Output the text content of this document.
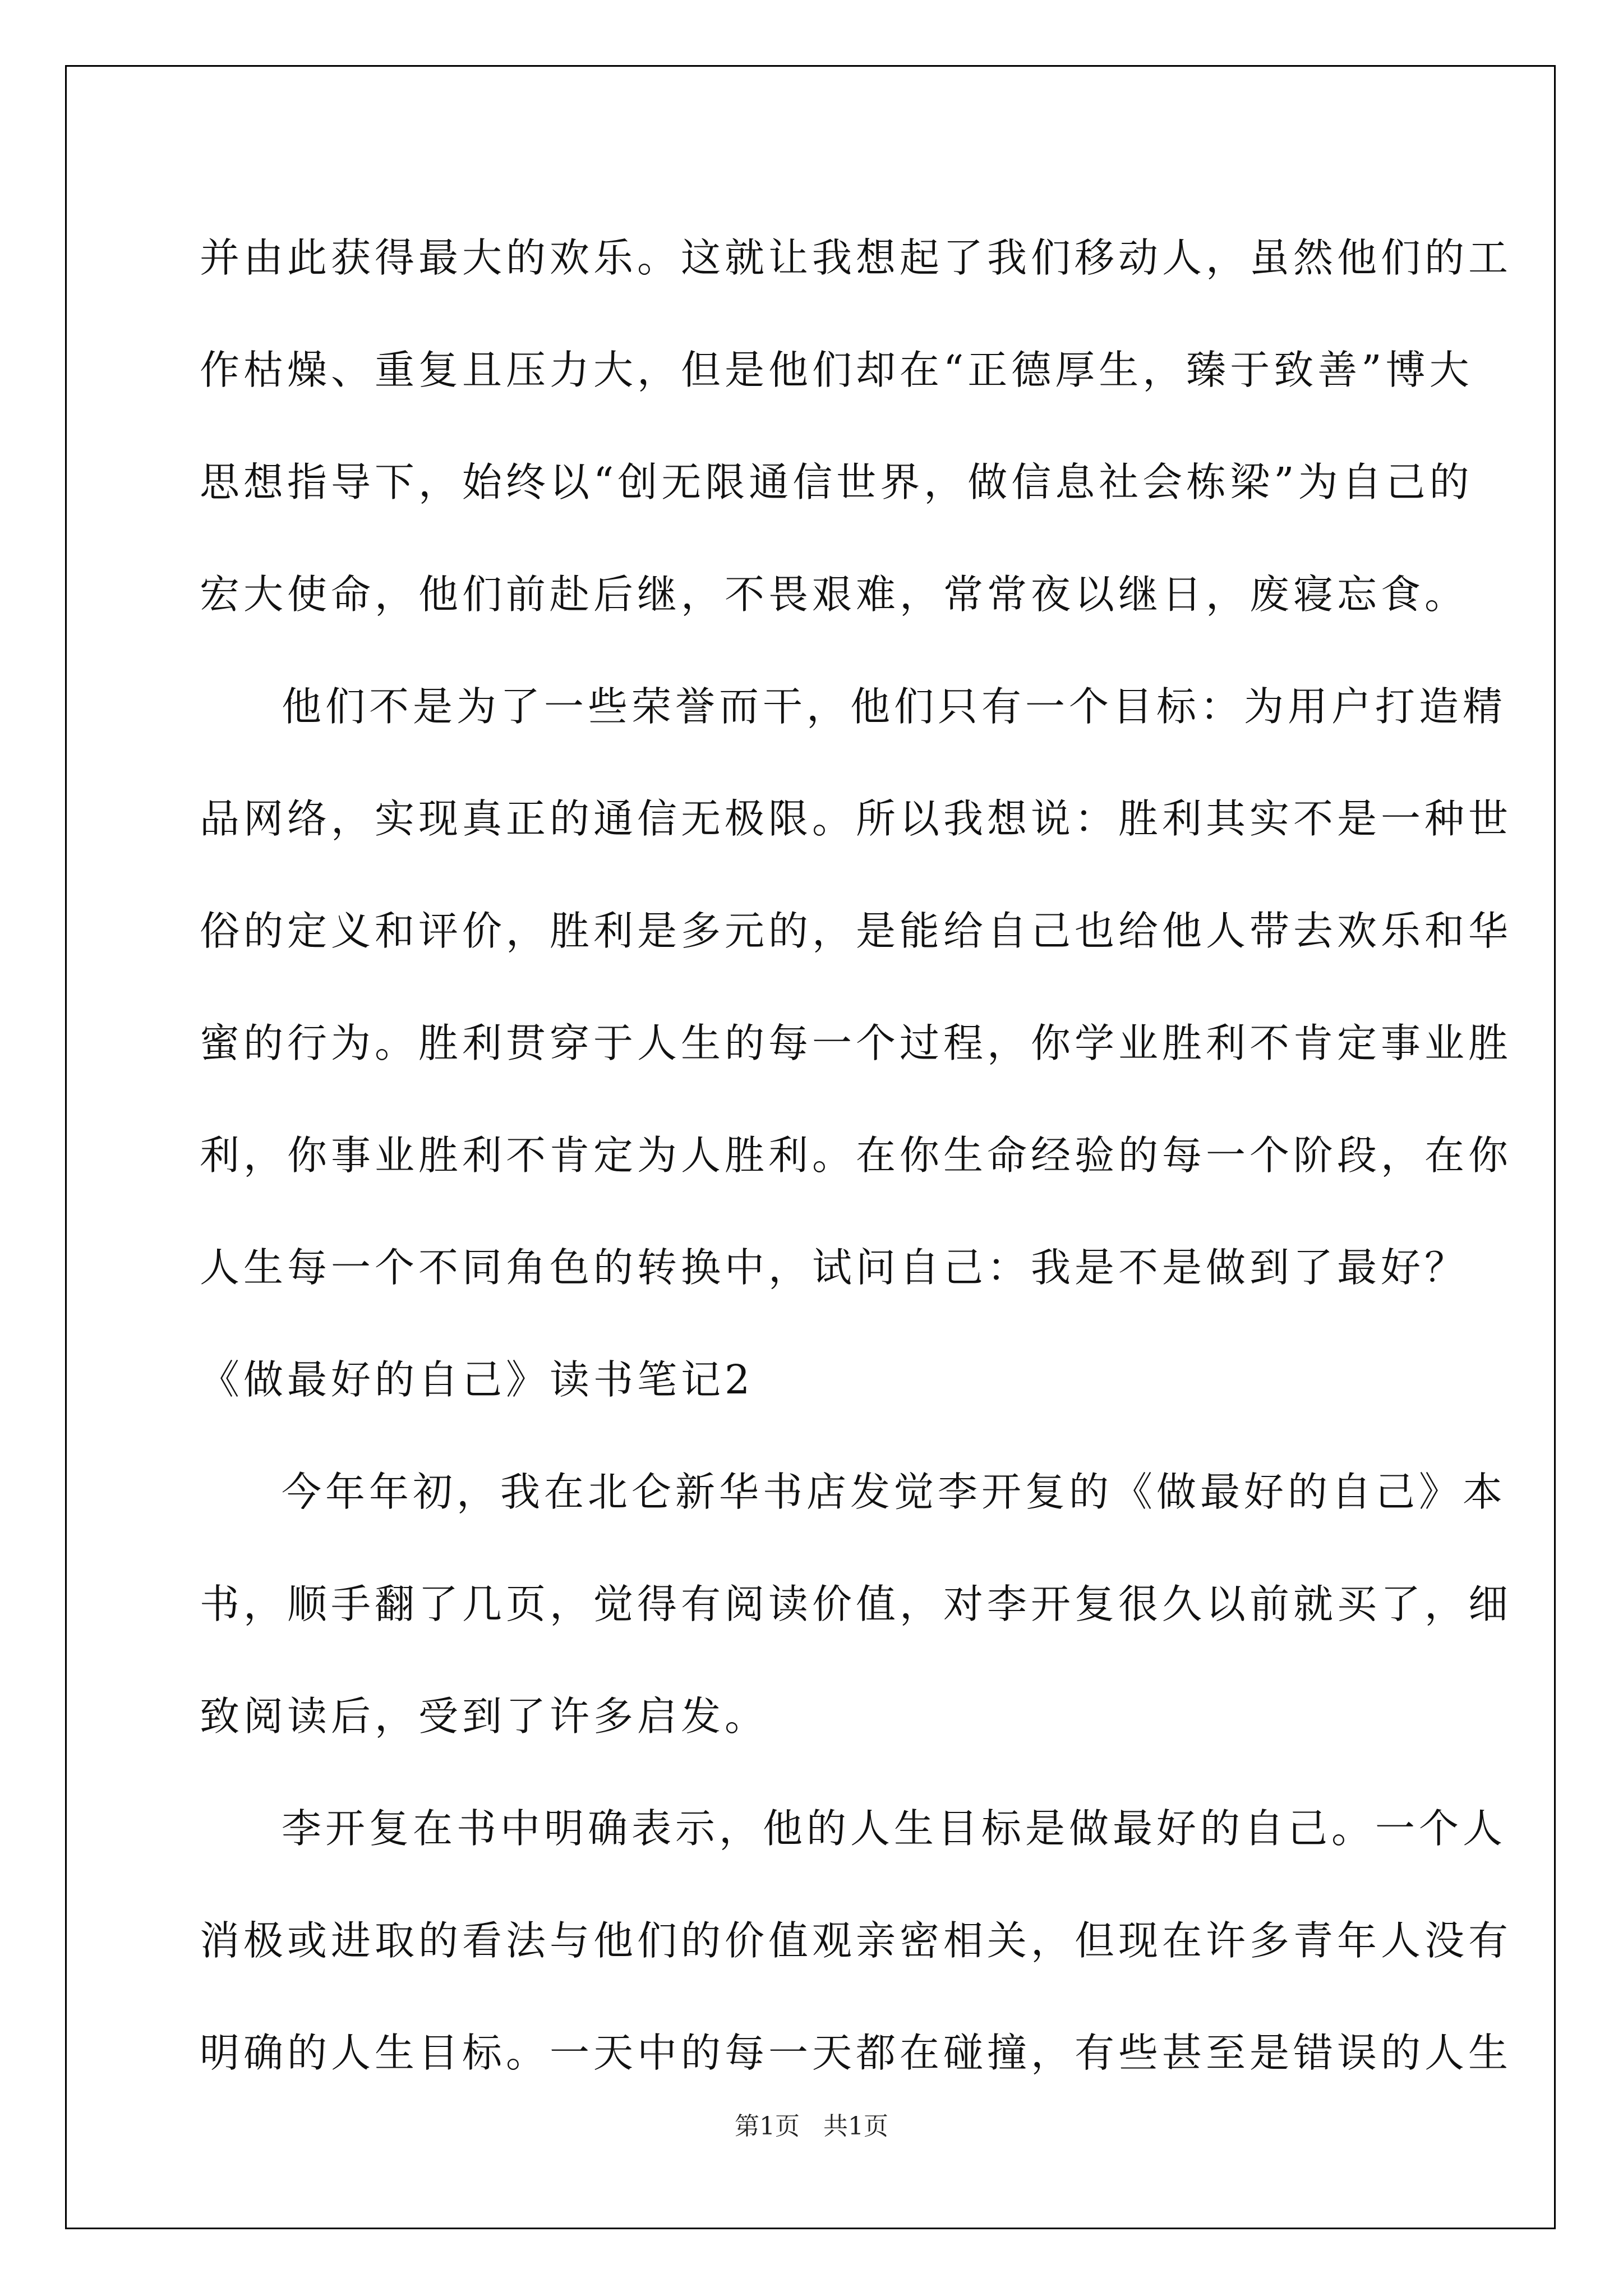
并由此获得最大的欢乐。这就让我想起了我们移动人，虽然他们的工
作枯燥、重复且压力大，但是他们却在“正德厚生，臻于致善”博大
思想指导下，始终以“创无限通信世界，做信息社会栋梁”为自己的
宏大使命，他们前赴后继，不畏艰难，常常夜以继日，废寝忘食。
他们不是为了一些荣誉而干，他们只有一个目标：为用户打造精
品网络，实现真正的通信无极限。所以我想说：胜利其实不是一种世
俗的定义和评价，胜利是多元的，是能给自己也给他人带去欢乐和华
蜜的行为。胜利贯穿于人生的每一个过程，你学业胜利不肯定事业胜
利，你事业胜利不肯定为人胜利。在你生命经验的每一个阶段，在你
人生每一个不同角色的转换中，试问自己：我是不是做到了最好？
《做最好的自己》读书笔记2
今年年初，我在北仑新华书店发觉李开复的《做最好的自己》本
书，顺手翻了几页，觉得有阅读价值，对李开复很久以前就买了，细
致阅读后，受到了许多启发。
李开复在书中明确表示，他的人生目标是做最好的自己。一个人
消极或进取的看法与他们的价值观亲密相关，但现在许多青年人没有
明确的人生目标。一天中的每一天都在碰撞，有些甚至是错误的人生
第1页   共1页
